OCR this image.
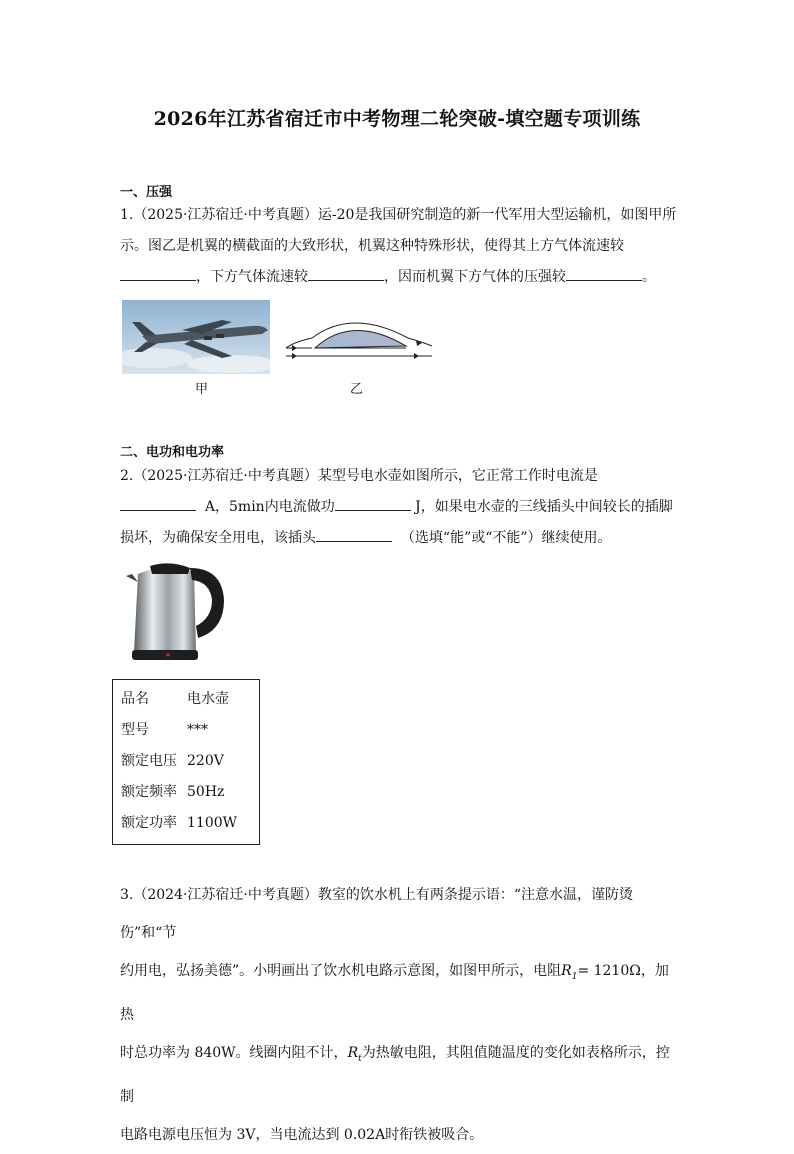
2026年江苏省宿迁市中考物理二轮突破-填空题专项训练
一、压强
1.（2025·江苏宿迁·中考真题）运-20是我国研究制造的新一代军用大型运输机，如图甲所
示。图乙是机翼的横截面的大致形状，机翼这种特殊形状，使得其上方气体流速较
，下方气体流速较	，因而机翼下方气体的压强较	。
甲	乙
二、电功和电功率
2.（2025·江苏宿迁·中考真题）某型号电水壶如图所示，它正常工作时电流是
A，5min内电流做功	J，如果电水壶的三线插头中间较长的插脚
损坏，为确保安全用电，该插头	（选填“能”或“不能”）继续使用。
品名	电水壶
型号	***
额定电压 220V
额定频率 50Hz
额定功率 1100W
3.（2024·江苏宿迁·中考真题）教室的饮水机上有两条提示语：“注意水温，谨防烫伤”和“节
约用电，弘扬美德”。小明画出了饮水机电路示意图，如图甲所示，电阻$R_1= 1210\Omega$，加热
时总功率为 840W。线圈内阻不计，$R_t$为热敏电阻，其阻值随温度的变化如表格所示，控制
电路电源电压恒为 3V，当电流达到 0.02A时衔铁被吸合。
